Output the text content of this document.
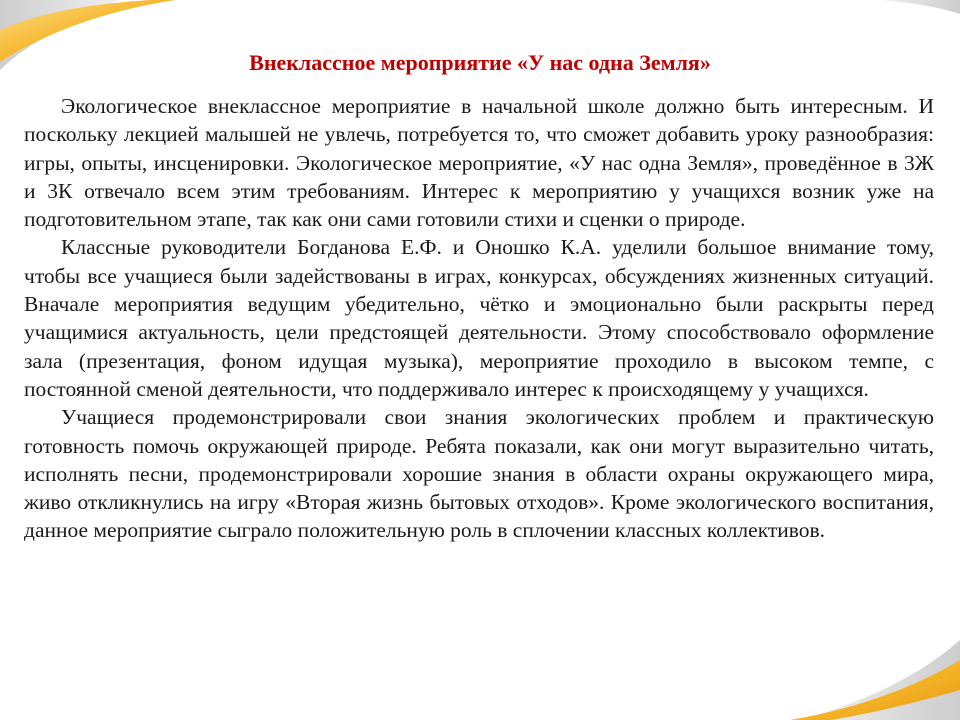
Внеклассное мероприятие «У нас одна Земля»

Экологическое внеклассное мероприятие в начальной школе должно быть интересным. И поскольку лекцией малышей не увлечь, потребуется то, что сможет добавить уроку разнообразия: игры, опыты, инсценировки. Экологическое мероприятие, «У нас одна Земля», проведённое в 3Ж и 3К отвечало всем этим требованиям. Интерес к мероприятию у учащихся возник уже на подготовительном этапе, так как они сами готовили стихи и сценки о природе.

Классные руководители Богданова Е.Ф. и Оношко К.А. уделили большое внимание тому, чтобы все учащиеся были задействованы в играх, конкурсах, обсуждениях жизненных ситуаций. Вначале мероприятия ведущим убедительно, чётко и эмоционально были раскрыты перед учащимися актуальность, цели предстоящей деятельности. Этому способствовало оформление зала (презентация, фоном идущая музыка), мероприятие проходило в высоком темпе, с постоянной сменой деятельности, что поддерживало интерес к происходящему у учащихся.

Учащиеся продемонстрировали свои знания экологических проблем и практическую готовность помочь окружающей природе. Ребята показали, как они могут выразительно читать, исполнять песни, продемонстрировали хорошие знания в области охраны окружающего мира, живо откликнулись на игру «Вторая жизнь бытовых отходов». Кроме экологического воспитания, данное мероприятие сыграло положительную роль в сплочении классных коллективов.
